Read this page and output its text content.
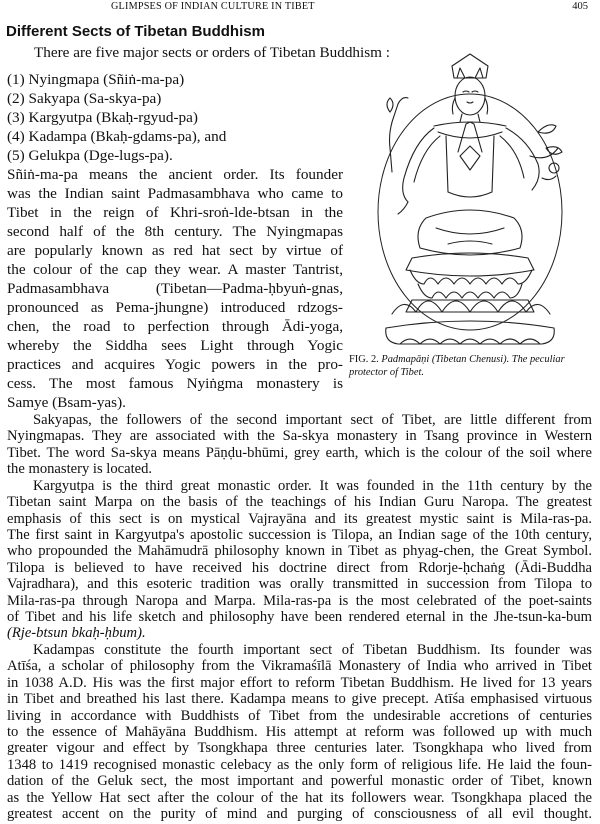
GLIMPSES OF INDIAN CULTURE IN TIBET	405
Different Sects of Tibetan Buddhism
There are five major sects or orders of Tibetan Buddhism :
(1) Nyingmapa (Sñiṅ-ma-pa)
(2) Sakyapa (Sa-skya-pa)
(3) Kargyutpa (Bkaḥ-rgyud-pa)
(4) Kadampa (Bkaḥ-gdams-pa), and
(5) Gelukpa (Dge-lugs-pa).
Sñiṅ-ma-pa means the ancient order. Its founder
was the Indian saint Padmasambhava who came to
Tibet in the reign of Khri-sroṅ-lde-btsan in the
second half of the 8th century. The Nyingmapas
are popularly known as red hat sect by virtue of
the colour of the cap they wear. A master Tantrist,
Padmasambhava (Tibetan—Padma-ḥbyuṅ-gnas,
pronounced as Pema-jhungne) introduced rdzogs-
chen, the road to perfection through Ādi-yoga,
whereby the Siddha sees Light through Yogic
practices and acquires Yogic powers in the pro-
cess. The most famous Nyiṅgma monastery is
Samye (Bsam-yas).
FIG. 2. Padmapāṇi (Tibetan Chenusi). The peculiar
protector of Tibet.
Sakyapas, the followers of the second important sect of Tibet, are little different from
Nyingmapas. They are associated with the Sa-skya monastery in Tsang province in Western
Tibet. The word Sa-skya means Pāṇḍu-bhūmi, grey earth, which is the colour of the soil where
the monastery is located.
Kargyutpa is the third great monastic order. It was founded in the 11th century by the
Tibetan saint Marpa on the basis of the teachings of his Indian Guru Naropa. The greatest
emphasis of this sect is on mystical Vajrayāna and its greatest mystic saint is Mila-ras-pa.
The first saint in Kargyutpa's apostolic succession is Tilopa, an Indian sage of the 10th century,
who propounded the Mahāmudrā philosophy known in Tibet as phyag-chen, the Great Symbol.
Tilopa is believed to have received his doctrine direct from Rdorje-ḥchaṅg (Ādi-Buddha
Vajradhara), and this esoteric tradition was orally transmitted in succession from Tilopa to
Mila-ras-pa through Naropa and Marpa. Mila-ras-pa is the most celebrated of the poet-saints
of Tibet and his life sketch and philosophy have been rendered eternal in the Jhe-tsun-ka-bum
(Rje-btsun bkaḥ-ḥbum).
Kadampas constitute the fourth important sect of Tibetan Buddhism. Its founder was
Atīśa, a scholar of philosophy from the Vikramaśīlā Monastery of India who arrived in Tibet
in 1038 A.D. His was the first major effort to reform Tibetan Buddhism. He lived for 13 years
in Tibet and breathed his last there. Kadampa means to give precept. Atīśa emphasised virtuous
living in accordance with Buddhists of Tibet from the undesirable accretions of centuries
to the essence of Mahāyāna Buddhism. His attempt at reform was followed up with much
greater vigour and effect by Tsongkhapa three centuries later. Tsongkhapa who lived from
1348 to 1419 recognised monastic celebacy as the only form of religious life. He laid the foun-
dation of the Geluk sect, the most important and powerful monastic order of Tibet, known
as the Yellow Hat sect after the colour of the hat its followers wear. Tsongkhapa placed the
greatest accent on the purity of mind and purging of consciousness of all evil thought.
